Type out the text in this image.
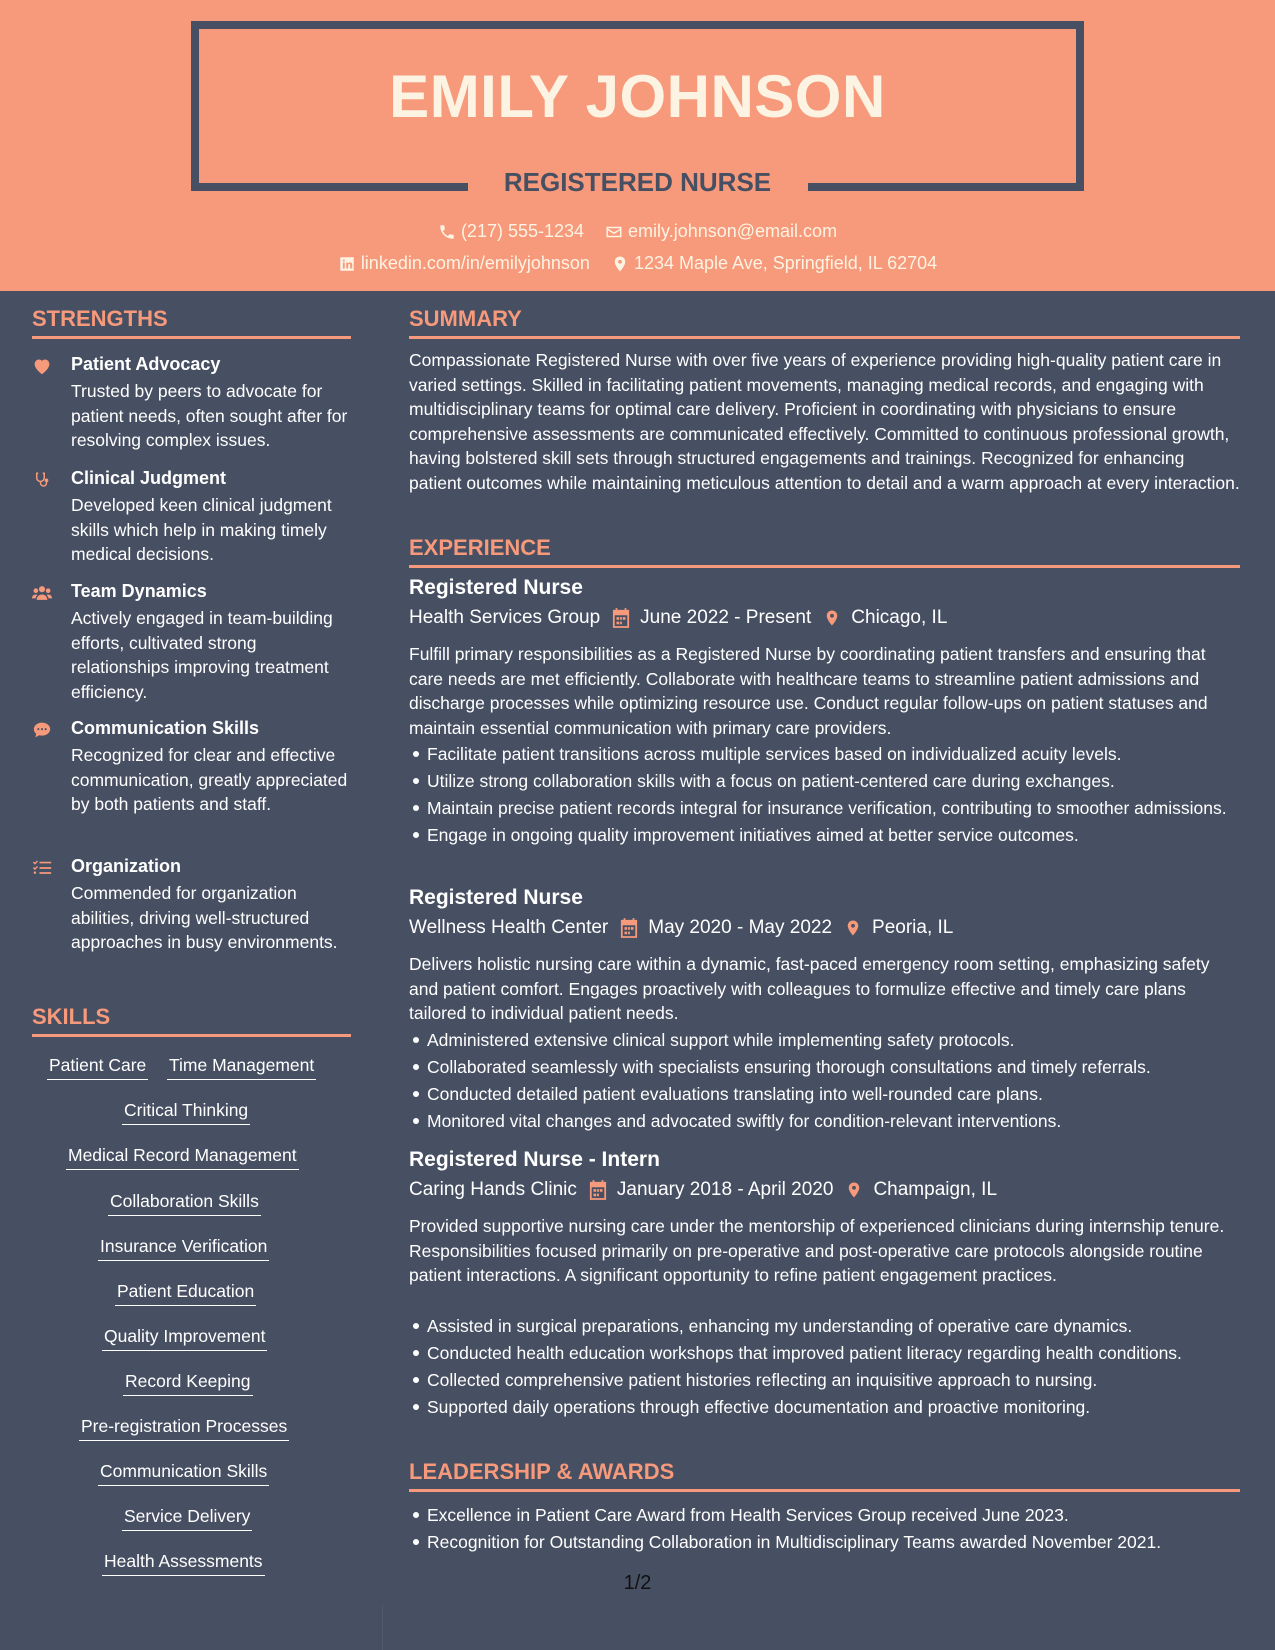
EMILY JOHNSON
REGISTERED NURSE
(217) 555-1234
emily.johnson@email.com
linkedin.com/in/emilyjohnson
1234 Maple Ave, Springfield, IL 62704
STRENGTHS
Patient Advocacy
Trusted by peers to advocate for patient needs, often sought after for resolving complex issues.
Clinical Judgment
Developed keen clinical judgment skills which help in making timely medical decisions.
Team Dynamics
Actively engaged in team-building efforts, cultivated strong relationships improving treatment efficiency.
Communication Skills
Recognized for clear and effective communication, greatly appreciated by both patients and staff.
Organization
Commended for organization abilities, driving well-structured approaches in busy environments.
SKILLS
Patient Care Time Management
Critical Thinking
Medical Record Management
Collaboration Skills
Insurance Verification
Patient Education
Quality Improvement
Record Keeping
Pre-registration Processes
Communication Skills
Service Delivery
Health Assessments
SUMMARY
Compassionate Registered Nurse with over five years of experience providing high-quality patient care in varied settings. Skilled in facilitating patient movements, managing medical records, and engaging with multidisciplinary teams for optimal care delivery. Proficient in coordinating with physicians to ensure comprehensive assessments are communicated effectively. Committed to continuous professional growth, having bolstered skill sets through structured engagements and trainings. Recognized for enhancing patient outcomes while maintaining meticulous attention to detail and a warm approach at every interaction.
EXPERIENCE
Registered Nurse
Health Services Group June 2022 - Present Chicago, IL
Fulfill primary responsibilities as a Registered Nurse by coordinating patient transfers and ensuring that care needs are met efficiently. Collaborate with healthcare teams to streamline patient admissions and discharge processes while optimizing resource use. Conduct regular follow-ups on patient statuses and maintain essential communication with primary care providers.
Facilitate patient transitions across multiple services based on individualized acuity levels.
Utilize strong collaboration skills with a focus on patient-centered care during exchanges.
Maintain precise patient records integral for insurance verification, contributing to smoother admissions.
Engage in ongoing quality improvement initiatives aimed at better service outcomes.
Registered Nurse
Wellness Health Center May 2020 - May 2022 Peoria, IL
Delivers holistic nursing care within a dynamic, fast-paced emergency room setting, emphasizing safety and patient comfort. Engages proactively with colleagues to formulize effective and timely care plans tailored to individual patient needs.
Administered extensive clinical support while implementing safety protocols.
Collaborated seamlessly with specialists ensuring thorough consultations and timely referrals.
Conducted detailed patient evaluations translating into well-rounded care plans.
Monitored vital changes and advocated swiftly for condition-relevant interventions.
Registered Nurse - Intern
Caring Hands Clinic January 2018 - April 2020 Champaign, IL
Provided supportive nursing care under the mentorship of experienced clinicians during internship tenure. Responsibilities focused primarily on pre-operative and post-operative care protocols alongside routine patient interactions. A significant opportunity to refine patient engagement practices.
Assisted in surgical preparations, enhancing my understanding of operative care dynamics.
Conducted health education workshops that improved patient literacy regarding health conditions.
Collected comprehensive patient histories reflecting an inquisitive approach to nursing.
Supported daily operations through effective documentation and proactive monitoring.
LEADERSHIP & AWARDS
Excellence in Patient Care Award from Health Services Group received June 2023.
Recognition for Outstanding Collaboration in Multidisciplinary Teams awarded November 2021.
1/2
